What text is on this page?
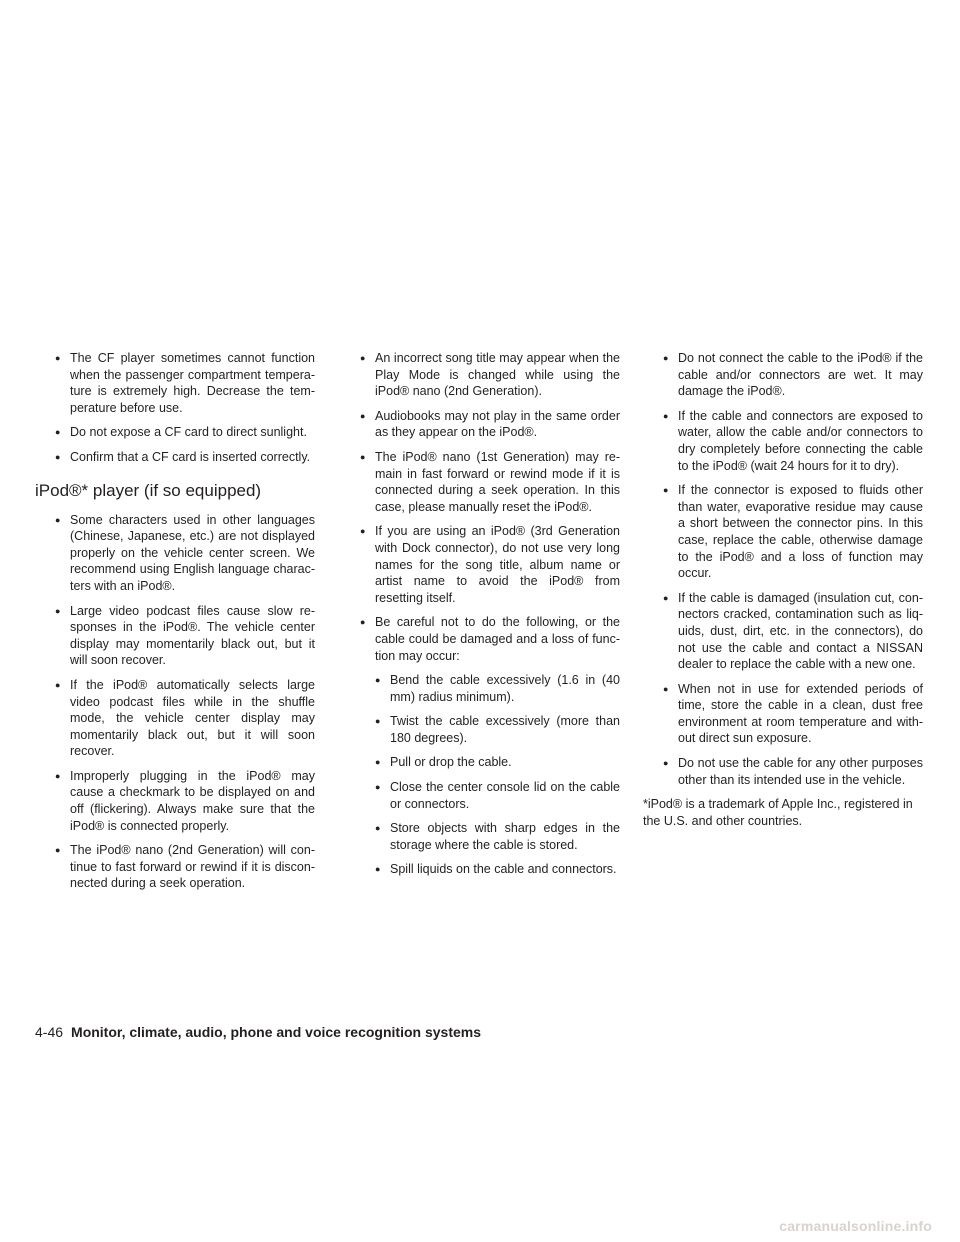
● The CF player sometimes cannot function when the passenger compartment tempera-ture is extremely high. Decrease the tem-perature before use.

● Do not expose a CF card to direct sunlight.

● Confirm that a CF card is inserted correctly.

iPod®* player (if so equipped)

● Some characters used in other languages (Chinese, Japanese, etc.) are not displayed properly on the vehicle center screen. We recommend using English language charac-ters with an iPod®.

● Large video podcast files cause slow re-sponses in the iPod®. The vehicle center display may momentarily black out, but it will soon recover.

● If the iPod® automatically selects large video podcast files while in the shuffle mode, the vehicle center display may momentarily black out, but it will soon recover.

● Improperly plugging in the iPod® may cause a checkmark to be displayed on and off (flickering). Always make sure that the iPod® is connected properly.

● The iPod® nano (2nd Generation) will con-tinue to fast forward or rewind if it is discon-nected during a seek operation.

● An incorrect song title may appear when the Play Mode is changed while using the iPod® nano (2nd Generation).

● Audiobooks may not play in the same order as they appear on the iPod®.

● The iPod® nano (1st Generation) may re-main in fast forward or rewind mode if it is connected during a seek operation. In this case, please manually reset the iPod®.

● If you are using an iPod® (3rd Generation with Dock connector), do not use very long names for the song title, album name or artist name to avoid the iPod® from resetting itself.

● Be careful not to do the following, or the cable could be damaged and a loss of func-tion may occur:

● Bend the cable excessively (1.6 in (40 mm) radius minimum).

● Twist the cable excessively (more than 180 degrees).

● Pull or drop the cable.

● Close the center console lid on the cable or connectors.

● Store objects with sharp edges in the storage where the cable is stored.

● Spill liquids on the cable and connectors.

● Do not connect the cable to the iPod® if the cable and/or connectors are wet. It may damage the iPod®.

● If the cable and connectors are exposed to water, allow the cable and/or connectors to dry completely before connecting the cable to the iPod® (wait 24 hours for it to dry).

● If the connector is exposed to fluids other than water, evaporative residue may cause a short between the connector pins. In this case, replace the cable, otherwise damage to the iPod® and a loss of function may occur.

● If the cable is damaged (insulation cut, con-nectors cracked, contamination such as liq-uids, dust, dirt, etc. in the connectors), do not use the cable and contact a NISSAN dealer to replace the cable with a new one.

● When not in use for extended periods of time, store the cable in a clean, dust free environment at room temperature and with-out direct sun exposure.

● Do not use the cable for any other purposes other than its intended use in the vehicle.

*iPod® is a trademark of Apple Inc., registered in the U.S. and other countries.

4-46 Monitor, climate, audio, phone and voice recognition systems
carmanualsonline.info
